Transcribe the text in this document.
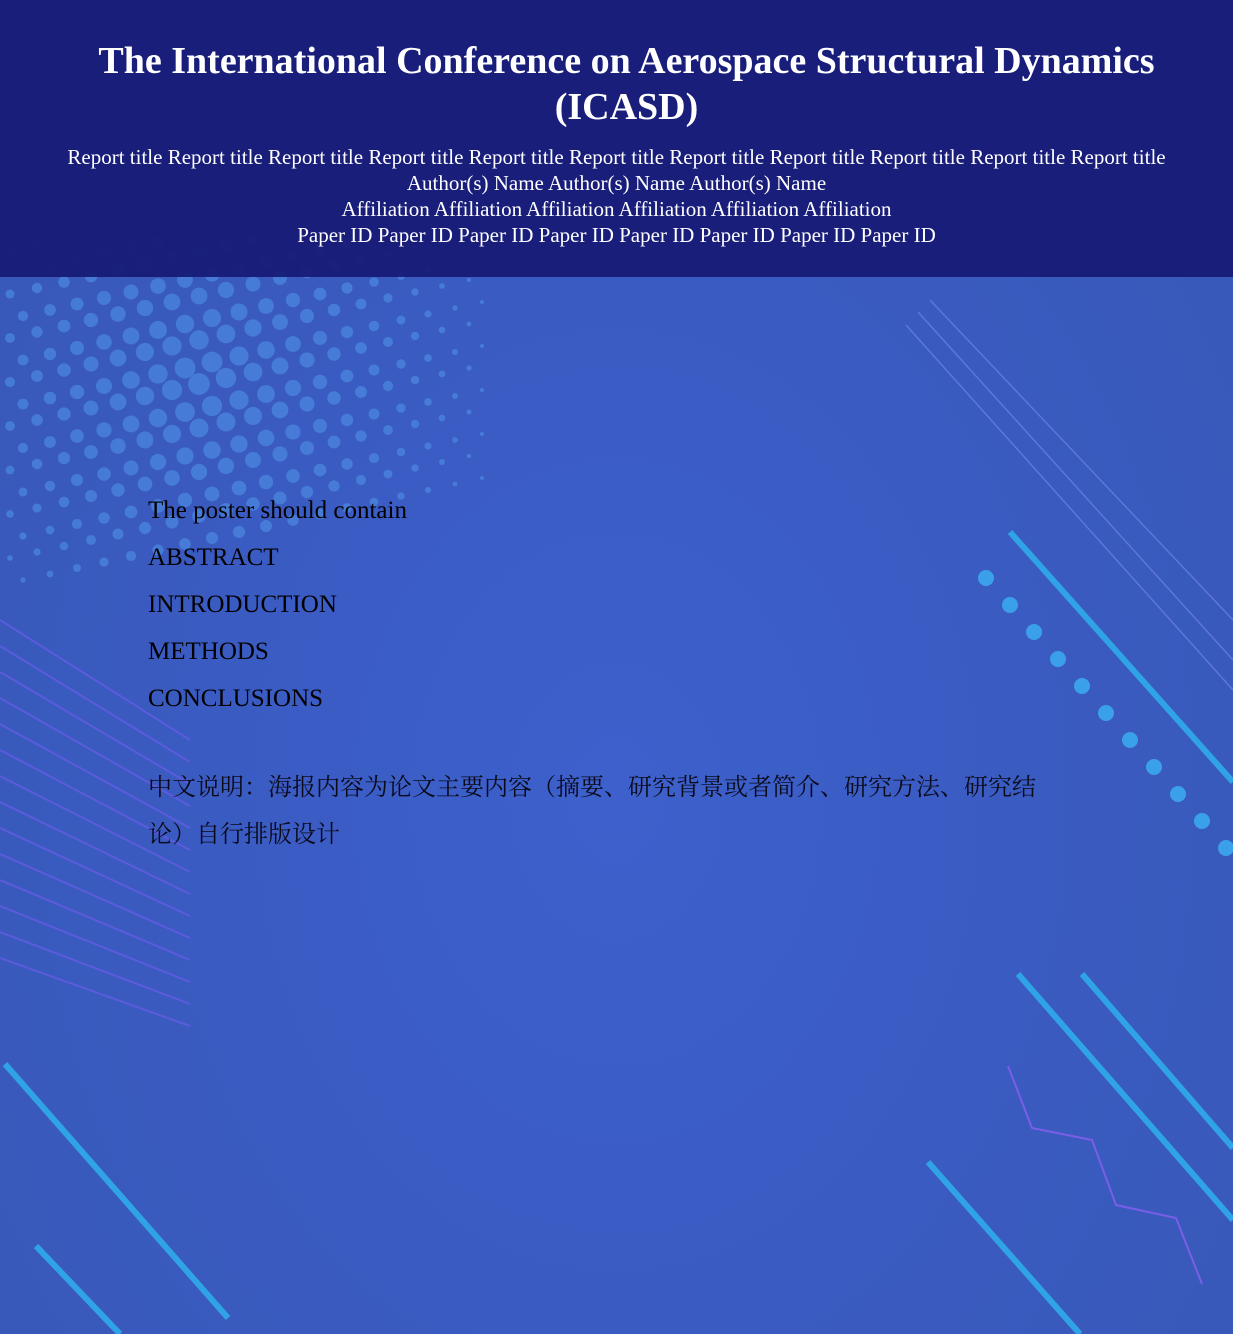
The International Conference on Aerospace Structural Dynamics (ICASD)

Report title Report title Report title Report title Report title Report title Report title Report title Report title Report title Report title

Author(s) Name Author(s) Name Author(s) Name

Affiliation Affiliation Affiliation Affiliation Affiliation Affiliation

Paper ID Paper ID Paper ID Paper ID Paper ID Paper ID Paper ID Paper ID

The poster should contain

ABSTRACT

INTRODUCTION

METHODS

CONCLUSIONS

中文说明：海报内容为论文主要内容（摘要、研究背景或者简介、研究方法、研究结论）自行排版设计
